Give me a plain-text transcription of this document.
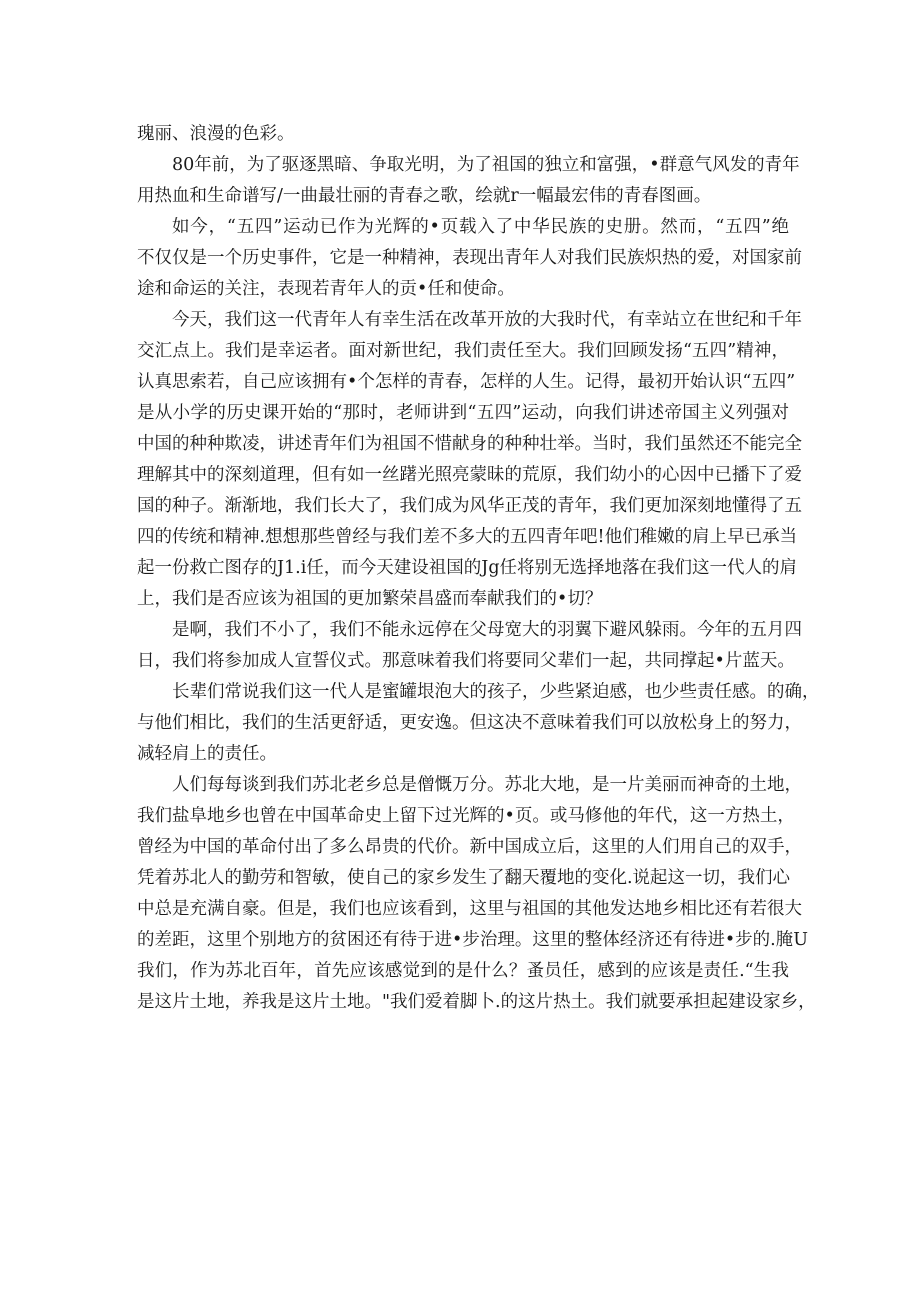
瑰丽、浪漫的色彩。
80年前，为了驱逐黑暗、争取光明，为了祖国的独立和富强，•群意气风发的青年
用热血和生命谱写/一曲最壮丽的青春之歌，绘就r一幅最宏伟的青春图画。
如今，“五四”运动已作为光辉的•页载入了中华民族的史册。然而，“五四”绝
不仅仅是一个历史事件，它是一种精神，表现出青年人对我们民族炽热的爱，对国家前
途和命运的关注，表现若青年人的贡•任和使命。
今天，我们这一代青年人有幸生活在改革开放的大我时代，有幸站立在世纪和千年
交汇点上。我们是幸运者。面对新世纪，我们责任至大。我们回顾发扬“五四”精神，
认真思索若，自己应该拥有•个怎样的青春，怎样的人生。记得，最初开始认识“五四”
是从小学的历史课开始的“那时，老师讲到“五四”运动，向我们讲述帝国主义列强对
中国的种种欺凌，讲述青年们为祖国不惜献身的种种壮举。当时，我们虽然还不能完全
理解其中的深刻道理，但有如一丝躇光照亮蒙昧的荒原，我们幼小的心因中已播下了爱
国的种子。渐渐地，我们长大了，我们成为风华正茂的青年，我们更加深刻地懂得了五
四的传统和精神.想想那些曾经与我们差不多大的五四青年吧!他们稚嫩的肩上早已承当
起一份救亡图存的J1.i任，而今天建设祖国的Jg任将别无选择地落在我们这一代人的肩
上，我们是否应该为祖国的更加繁荣昌盛而奉献我们的•切？
是啊，我们不小了，我们不能永远停在父母宽大的羽翼下避风躲雨。今年的五月四
日，我们将参加成人宣誓仪式。那意味着我们将要同父辈们一起，共同撑起•片蓝天。
长辈们常说我们这一代人是蜜罐垠泡大的孩子，少些紧迫感，也少些责任感。的确，
与他们相比，我们的生活更舒适，更安逸。但这决不意味着我们可以放松身上的努力，
减轻肩上的责任。
人们每每谈到我们苏北老乡总是僧慨万分。苏北大地，是一片美丽而神奇的土地，
我们盐阜地乡也曾在中国革命史上留下过光辉的•页。或马修他的年代，这一方热土，
曾经为中国的革命付出了多么昂贵的代价。新中国成立后，这里的人们用自己的双手，
凭着苏北人的勤劳和智敏，使自己的家乡发生了翻天覆地的变化.说起这一切，我们心
中总是充满自豪。但是，我们也应该看到，这里与祖国的其他发达地乡相比还有若很大
的差距，这里个别地方的贫困还有待于进•步治理。这里的整体经济还有待进•步的.腌U
我们，作为苏北百年，首先应该感觉到的是什么？蚤员任，感到的应该是责任.“生我
是这片土地，养我是这片土地。"我们爱着脚卜.的这片热土。我们就要承担起建设家乡，
